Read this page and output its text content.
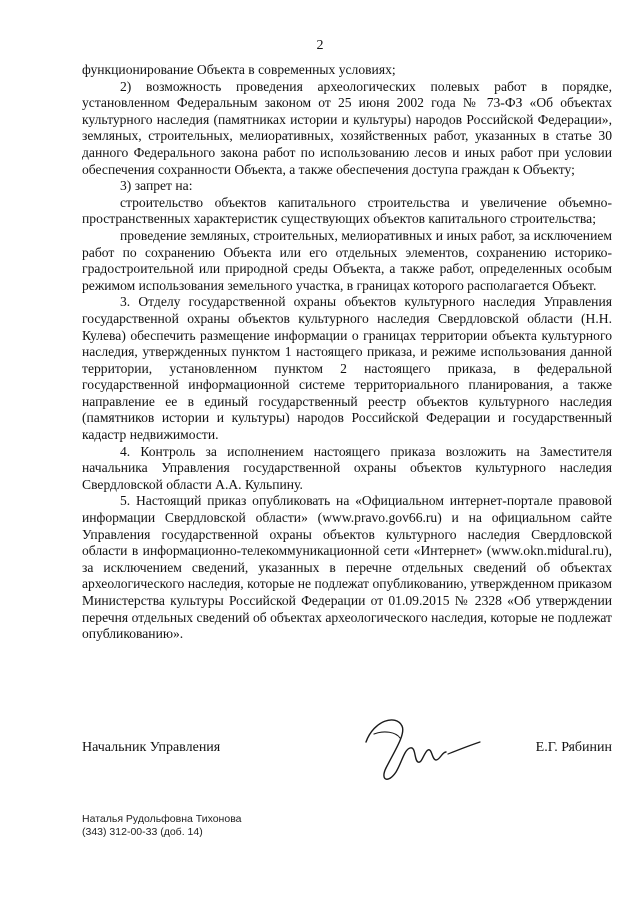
2

функционирование Объекта в современных условиях;

2) возможность проведения археологических полевых работ в порядке, установленном Федеральным законом от 25 июня 2002 года № 73-ФЗ «Об объектах культурного наследия (памятниках истории и культуры) народов Российской Федерации», земляных, строительных, мелиоративных, хозяйственных работ, указанных в статье 30 данного Федерального закона работ по использованию лесов и иных работ при условии обеспечения сохранности Объекта, а также обеспечения доступа граждан к Объекту;

3) запрет на:

строительство объектов капитального строительства и увеличение объемно-пространственных характеристик существующих объектов капитального строительства;

проведение земляных, строительных, мелиоративных и иных работ, за исключением работ по сохранению Объекта или его отдельных элементов, сохранению историко-градостроительной или природной среды Объекта, а также работ, определенных особым режимом использования земельного участка, в границах которого располагается Объект.

3. Отделу государственной охраны объектов культурного наследия Управления государственной охраны объектов культурного наследия Свердловской области (Н.Н. Кулева) обеспечить размещение информации о границах территории объекта культурного наследия, утвержденных пунктом 1 настоящего приказа, и режиме использования данной территории, установленном пунктом 2 настоящего приказа, в федеральной государственной информационной системе территориального планирования, а также направление ее в единый государственный реестр объектов культурного наследия (памятников истории и культуры) народов Российской Федерации и государственный кадастр недвижимости.

4. Контроль за исполнением настоящего приказа возложить на Заместителя начальника Управления государственной охраны объектов культурного наследия Свердловской области А.А. Кульпину.

5. Настоящий приказ опубликовать на «Официальном интернет-портале правовой информации Свердловской области» (www.pravo.gov66.ru) и на официальном сайте Управления государственной охраны объектов культурного наследия Свердловской области в информационно-телекоммуникационной сети «Интернет» (www.okn.midural.ru), за исключением сведений, указанных в перечне отдельных сведений об объектах археологического наследия, которые не подлежат опубликованию, утвержденном приказом Министерства культуры Российской Федерации от 01.09.2015 № 2328 «Об утверждении перечня отдельных сведений об объектах археологического наследия, которые не подлежат опубликованию».

Начальник Управления	Е.Г. Рябинин
Наталья Рудольфовна Тихонова
(343) 312-00-33 (доб. 14)
